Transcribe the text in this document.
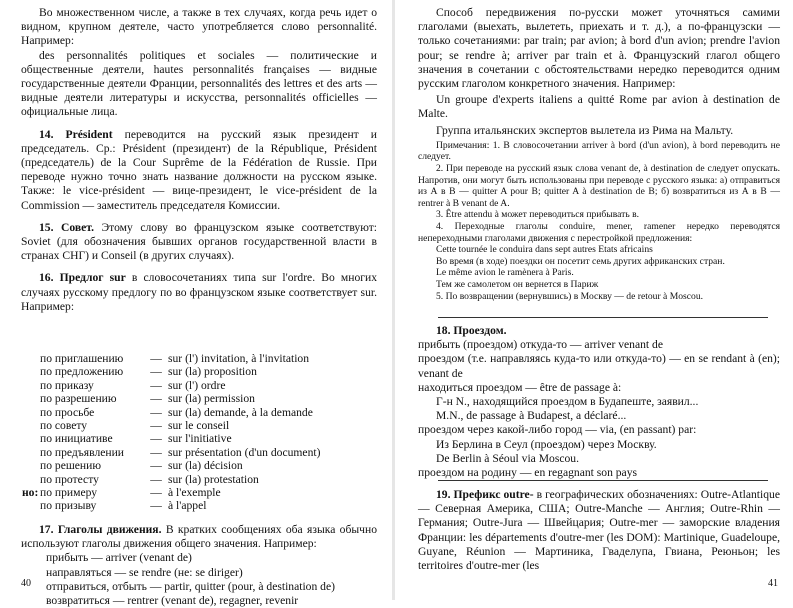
Во множественном числе, а также в тех случаях, когда речь идет о видном, крупном деятеле, часто употребляется слово personnalité. Например:

des personnalités politiques et sociales — политические и общественные деятели, hautes personnalités françaises — видные государственные деятели Франции, personnalités des lettres et des arts — видные деятели литературы и искусства, personnalités officielles — официальные лица.

14. Président переводится на русский язык президент и председатель. Ср.: Président (президент) de la République, Président (председатель) de la Cour Suprême de la Fédération de Russie. При переводе нужно точно знать название должности на русском языке. Также: le vice-président — вице-президент, le vice-président de la Commission — заместитель председателя Комиссии.

15. Совет. Этому слову во французском языке соответствуют: Soviet (для обозначения бывших органов государственной власти в странах СНГ) и Conseil (в других случаях).

16. Предлог sur в словосочетаниях типа sur l'ordre. Во многих случаях русскому предлогу по во французском языке соответствует sur. Например:

по приглашению	—	sur (l') invitation, à l'invitation
по предложению	—	sur (la) proposition
по приказу	—	sur (l') ordre
по разрешению	—	sur (la) permission
по просьбе	—	sur (la) demande, à la demande
по совету	—	sur le conseil
по инициативе	—	sur l'initiative
по предъявлении	—	sur présentation (d'un document)
по решению	—	sur (la) décision
по протесту	—	sur (la) protestation

но: по примеру	—	à l'exemple
по призыву	—	à l'appel

17. Глаголы движения. В кратких сообщениях оба языка обычно используют глаголы движения общего значения. Например:

прибыть — arriver (venant de)
направляться — se rendre (не: se diriger)
отправиться, отбыть — partir, quitter (pour, à destination de)
возвратиться — rentrer (venant de), regagner, revenir
40

Способ передвижения по-русски может уточняться самими глаголами (выехать, вылететь, приехать и т. д.), а по-французски — только сочетаниями: par train; par avion; à bord d'un avion; prendre l'avion pour; se rendre à; arriver par train et à. Французский глагол общего значения в сочетании с обстоятельствами нередко переводится одним русским глаголом конкретного значения. Например:

Un groupe d'experts italiens a quitté Rome par avion à destination de Malte.

Группа итальянских экспертов вылетела из Рима на Мальту.

Примечания: 1. В словосочетании arriver à bord (d'un avion), à bord переводить не следует.

2. При переводе на русский язык слова venant de, à destination de следует опускать. Напротив, они могут быть использованы при переводе с русского языка: а) отправиться из А в В — quitter A pour B; quitter A à destination de B; б) возвратиться из А в В — rentrer à B venant de A.

3. Être attendu à может переводиться прибывать в.

4. Переходные глаголы conduire, mener, ramener нередко переводятся непереходными глаголами движения с перестройкой предложения:

Cette tournée le conduira dans sept autres Etats africains

Во время (в ходе) поездки он посетит семь других африканских стран.

Le même avion le ramènera à Paris.

Тем же самолетом он вернется в Париж

5. По возвращении (вернувшись) в Москву — de retour à Moscou.

18. Проездом.

прибыть (проездом) откуда-то — arriver venant de

проездом (т.е. направляясь куда-то или откуда-то) — en se rendant à (en); venant de

находиться проездом — être de passage à:

Г-н N., находящийся проездом в Будапеште, заявил...

M.N., de passage à Budapest, a déclaré...

проездом через какой-либо город — via, (en passant) par:

Из Берлина в Сеул (проездом) через Москву.

De Berlin à Séoul via Moscou.

проездом на родину — en regagnant son pays

19. Префикс outre- в географических обозначениях: Outre-Atlantique — Северная Америка, США; Outre-Manche — Англия; Outre-Rhin — Германия; Outre-Jura — Швейцария; Outre-mer — заморские владения Франции: les départements d'outre-mer (les DOM): Martinique, Guadeloupe, Guyane, Réunion — Мартиника, Гваделупа, Гвиана, Реюньон; les territoires d'outre-mer (les

41
